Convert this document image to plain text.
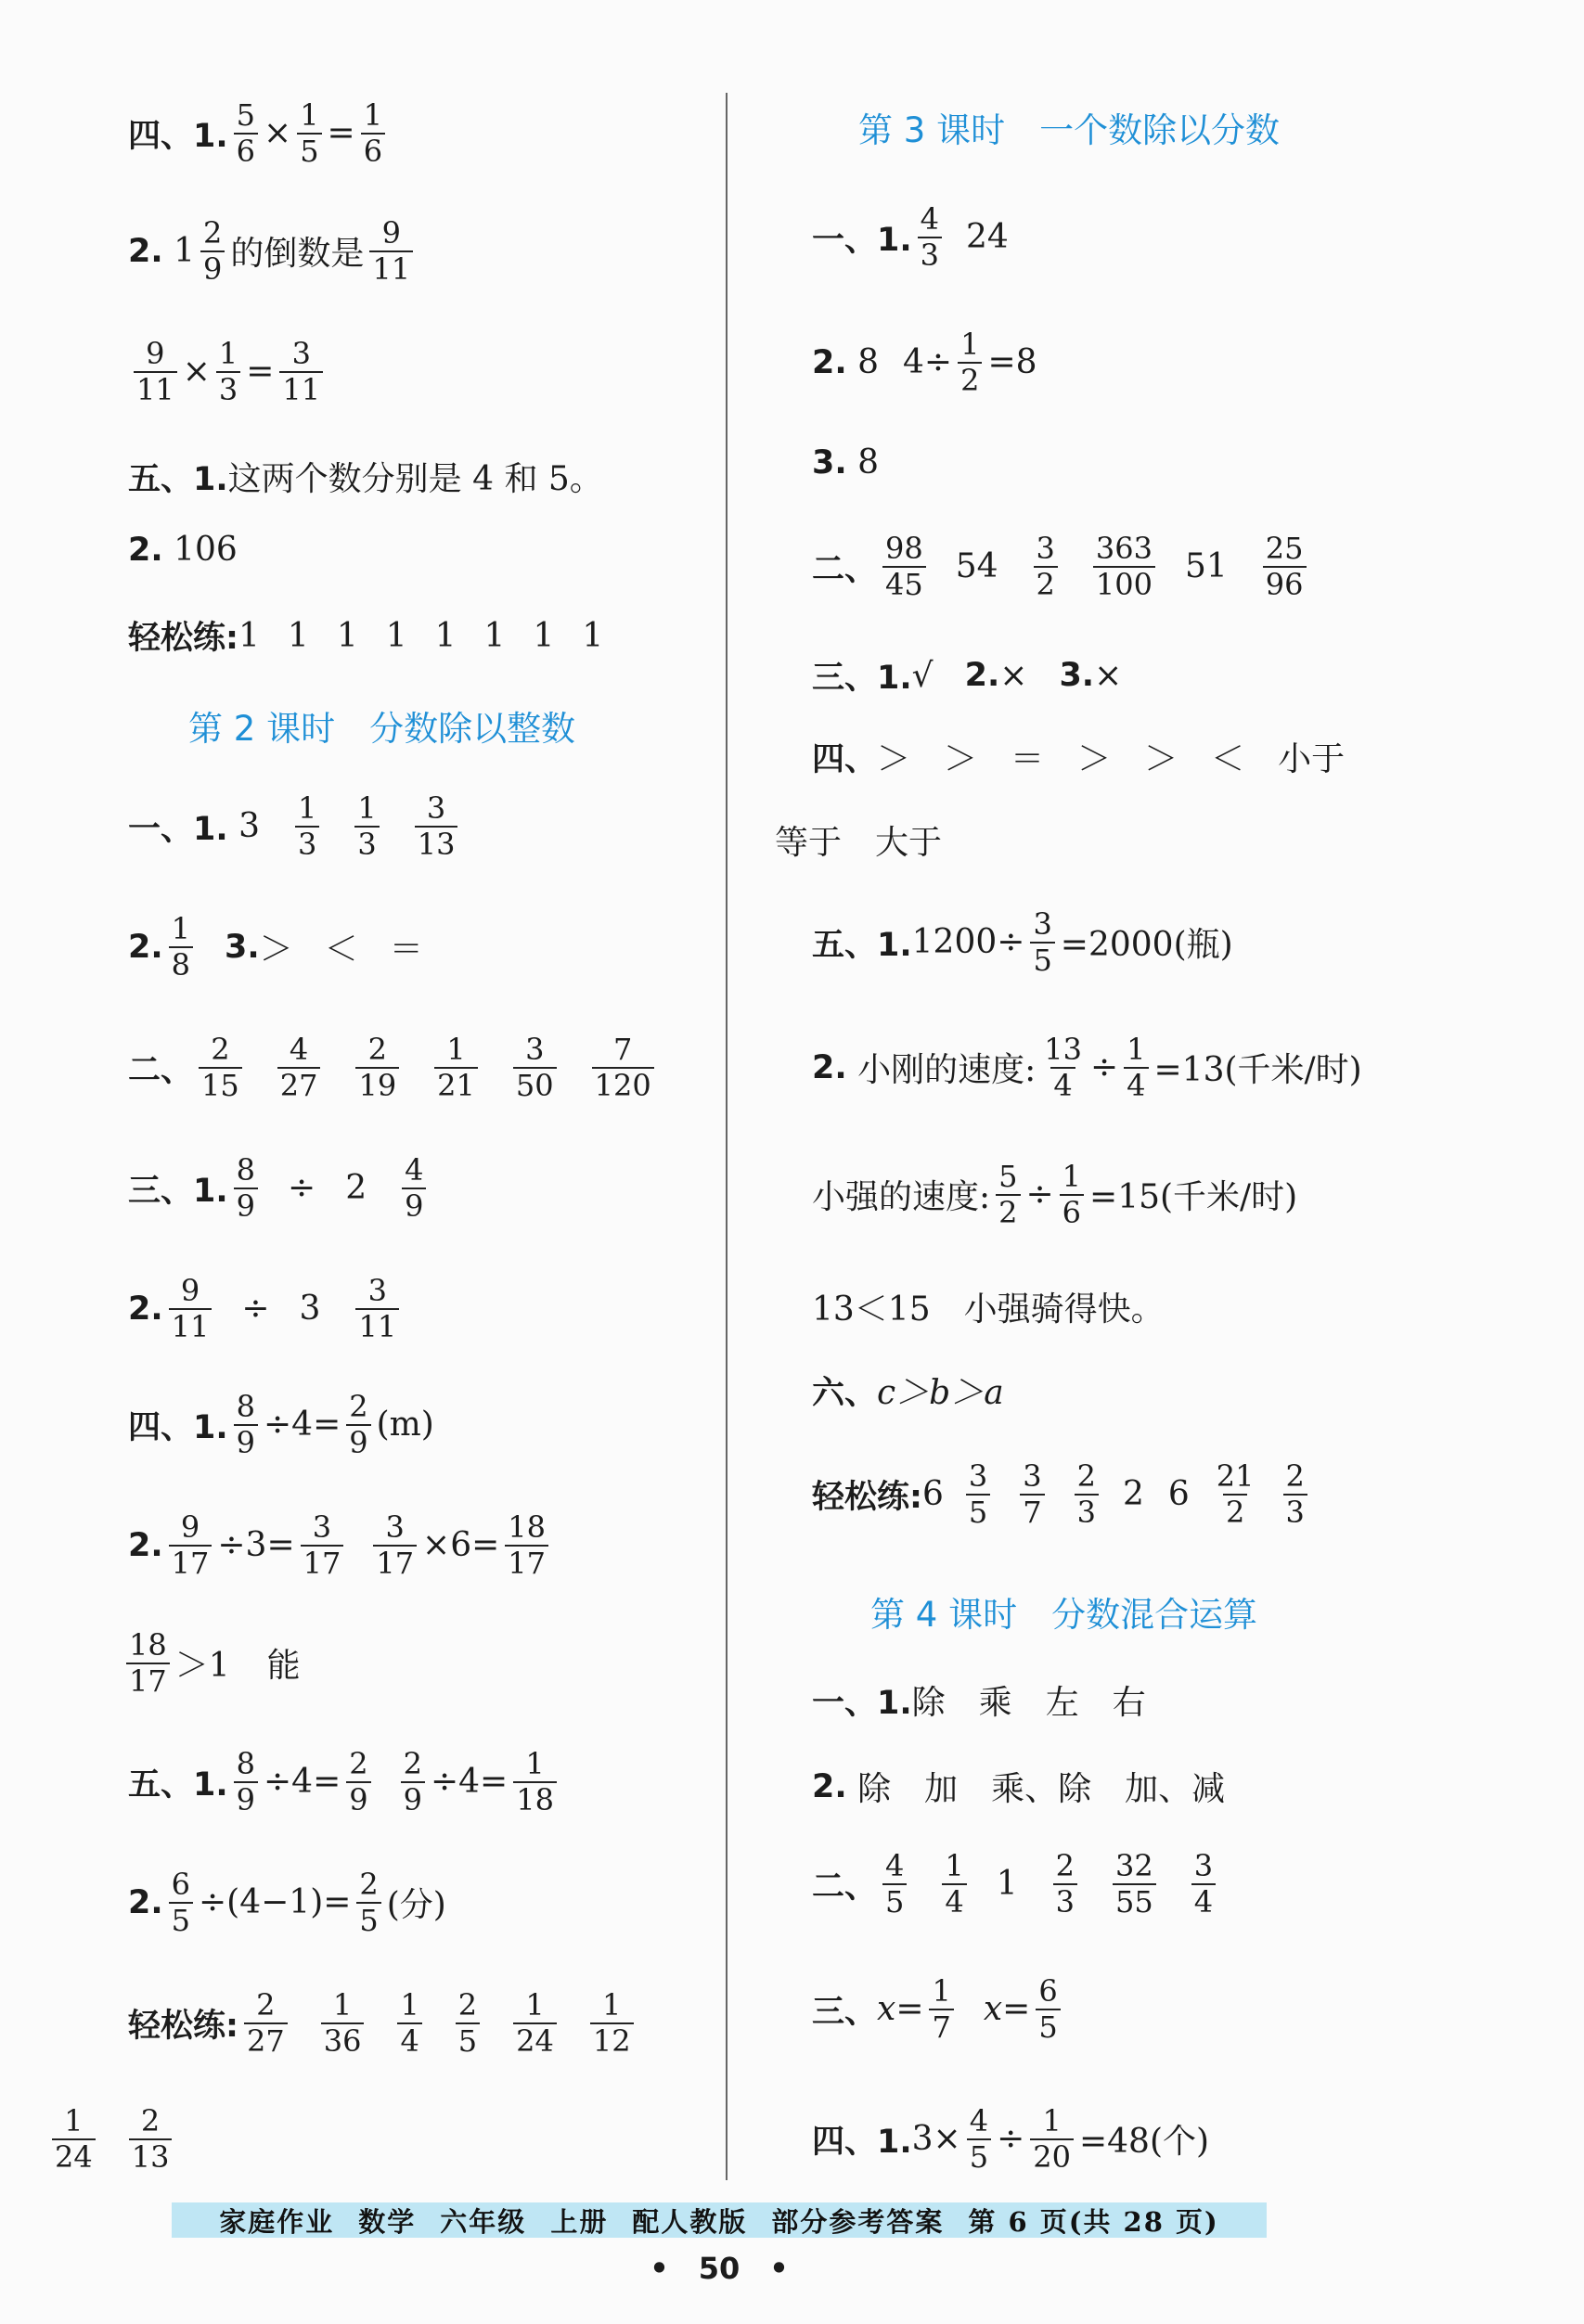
四、1. $\frac{5}{6} \times \frac{1}{5} = \frac{1}{6}$
2.
$1 \frac{2}{9}$ 的倒数是 $\frac{9}{11}$
$\frac{9}{11} \times \frac{1}{3} = \frac{3}{11}$
五、1. 这两个数分别是 4 和 5。
2.
106
轻松练: 1 1 1 1 1 1 1 1
第 2 课时　分数除以整数
一、1.
$3 \frac{1}{3} \frac{1}{3} \frac{3}{13}$
2. $\frac{1}{8} 3$. ＞ ＜ ＝
二、 $\frac{2}{15} \frac{4}{27} \frac{2}{19} \frac{1}{21} \frac{3}{50} \frac{7}{120}$
三、1. $\frac{8}{9} \div 2 \frac{4}{9}$
2. $\frac{9}{11} \div 3 \frac{3}{11}$
四、1. $\frac{8}{9} \div 4= \frac{2}{9} (m)$
2. $\frac{9}{17} \div 3= \frac{3}{17} \frac{3}{17} \times 6= \frac{18}{17}$
$\frac{18}{17} >1$ 能
五、1. $\frac{8}{9} \div 4= \frac{2}{9} \frac{2}{9} \div 4= \frac{1}{18}$
2. $\frac{6}{5} \div(4-1)= \frac{2}{5}$ (分)
轻松练: $\frac{2}{27} \frac{1}{36} \frac{1}{4} \frac{2}{5} \frac{1}{24} \frac{1}{12}$
$\frac{1}{24} \frac{2}{13}$
第 3 课时　一个数除以分数
一、1. $\frac{4}{3} 24$
2.
8 $4\div \frac{1}{2} =8$
3.
8
二、 $\frac{98}{45} 54 \frac{3}{2} \frac{363}{100} 51 \frac{25}{96}$
三、1. √ 2. × 3. ×
四、 ＞ ＞ ＝ ＞ ＞ ＜ 小于
等于 大于
五、1. $1200\div \frac{3}{5} =2000$(瓶)
2.
小刚的速度: $\frac{13}{4} \div \frac{1}{4} =13$(千米/时)
小强的速度: $\frac{5}{2} \div \frac{1}{6} =15$(千米/时)
13＜15 小强骑得快。
六、 c＞b＞a
轻松练: $6 \frac{3}{5} \frac{3}{7} \frac{2}{3} 2$ $6 \frac{21}{2} \frac{2}{3}$
第 4 课时　分数混合运算
一、1. 除 乘 左 右
2.
除 加 乘、除 加、减
二、 $\frac{4}{5} \frac{1}{4} 1 \frac{2}{3} \frac{32}{55} \frac{3}{4}$
三、 $x= \frac{1}{7} x= \frac{6}{5}$
四、1. $3\times \frac{4}{5} \div \frac{1}{20} =48$(个)
家庭作业 数学 六年级 上册 配人教版 部分参考答案 第 6 页(共 28 页)
•　50　•
